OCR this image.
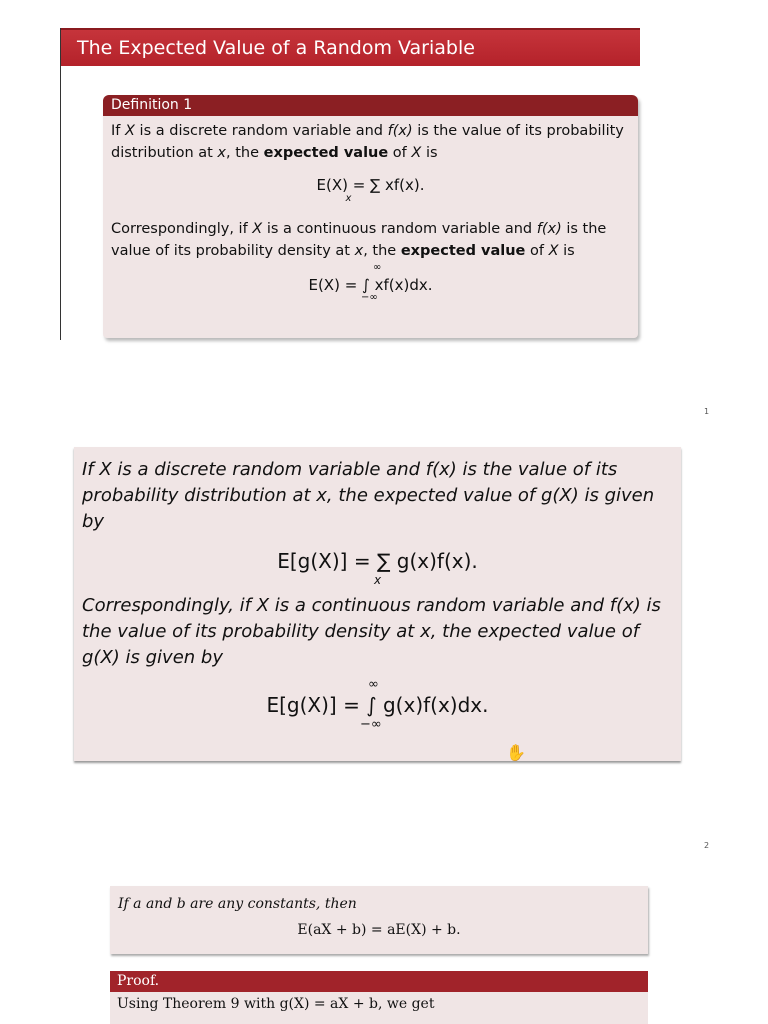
The Expected Value of a Random Variable
Definition 1
If X is a discrete random variable and f(x) is the value of its probability distribution at x, the expected value of X is
E(X) = ∑ xf(x).
x
Correspondingly, if X is a continuous random variable and f(x) is the value of its probability density at x, the expected value of X is
∞
E(X) = ∫ xf(x)dx.
−∞
1
If X is a discrete random variable and f(x) is the value of its probability distribution at x, the expected value of g(X) is given by
E[g(X)] = ∑ g(x)f(x).
x
Correspondingly, if X is a continuous random variable and f(x) is the value of its probability density at x, the expected value of g(X) is given by
∞
E[g(X)] = ∫ g(x)f(x)dx.
−∞
✋
2
If a and b are any constants, then
E(aX + b) = aE(X) + b.
Proof.
Using Theorem 9 with g(X) = aX + b, we get
